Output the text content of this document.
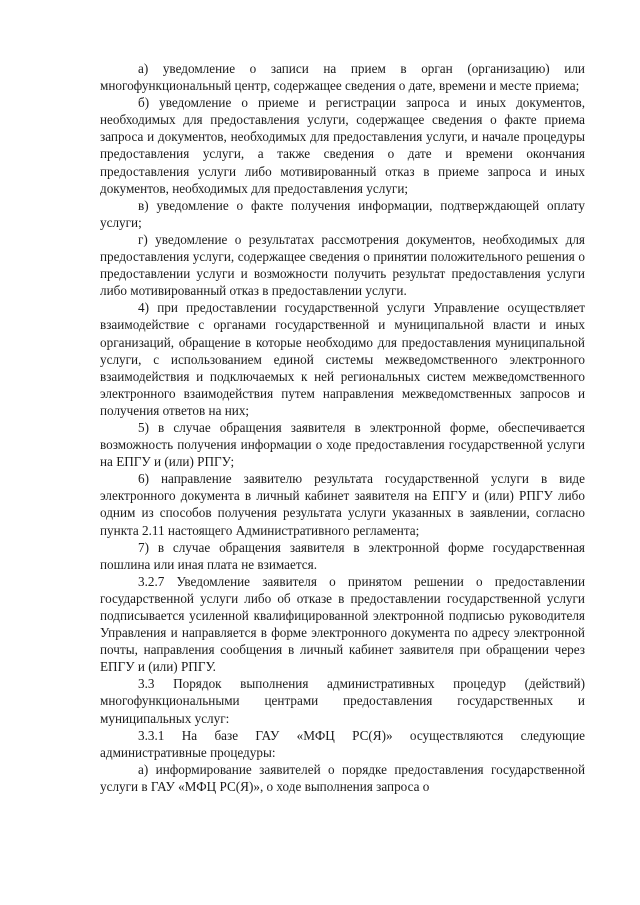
а) уведомление о записи на прием в орган (организацию) или многофункциональный центр, содержащее сведения о дате, времени и месте приема;

б) уведомление о приеме и регистрации запроса и иных документов, необходимых для предоставления услуги, содержащее сведения о факте приема запроса и документов, необходимых для предоставления услуги, и начале процедуры предоставления услуги, а также сведения о дате и времени окончания предоставления услуги либо мотивированный отказ в приеме запроса и иных документов, необходимых для предоставления услуги;

в) уведомление о факте получения информации, подтверждающей оплату услуги;

г) уведомление о результатах рассмотрения документов, необходимых для предоставления услуги, содержащее сведения о принятии положительного решения о предоставлении услуги и возможности получить результат предоставления услуги либо мотивированный отказ в предоставлении услуги.

4) при предоставлении государственной услуги Управление осуществляет взаимодействие с органами государственной и муниципальной власти и иных организаций, обращение в которые необходимо для предоставления муниципальной услуги, с использованием единой системы межведомственного электронного взаимодействия и подключаемых к ней региональных систем межведомственного электронного взаимодействия путем направления межведомственных запросов и получения ответов на них;

5) в случае обращения заявителя в электронной форме, обеспечивается возможность получения информации о ходе предоставления государственной услуги на ЕПГУ и (или) РПГУ;

6) направление заявителю результата государственной услуги в виде электронного документа в личный кабинет заявителя на ЕПГУ и (или) РПГУ либо одним из способов получения результата услуги указанных в заявлении, согласно пункта 2.11 настоящего Административного регламента;

7) в случае обращения заявителя в электронной форме государственная пошлина или иная плата не взимается.

3.2.7 Уведомление заявителя о принятом решении о предоставлении государственной услуги либо об отказе в предоставлении государственной услуги подписывается усиленной квалифицированной электронной подписью руководителя Управления и направляется в форме электронного документа по адресу электронной почты, направления сообщения в личный кабинет заявителя при обращении через ЕПГУ и (или) РПГУ.

3.3 Порядок выполнения административных процедур (действий) многофункциональными центрами предоставления государственных и муниципальных услуг:

3.3.1 На базе ГАУ «МФЦ РС(Я)» осуществляются следующие административные процедуры:

а) информирование заявителей о порядке предоставления государственной услуги в ГАУ «МФЦ РС(Я)», о ходе выполнения запроса о
